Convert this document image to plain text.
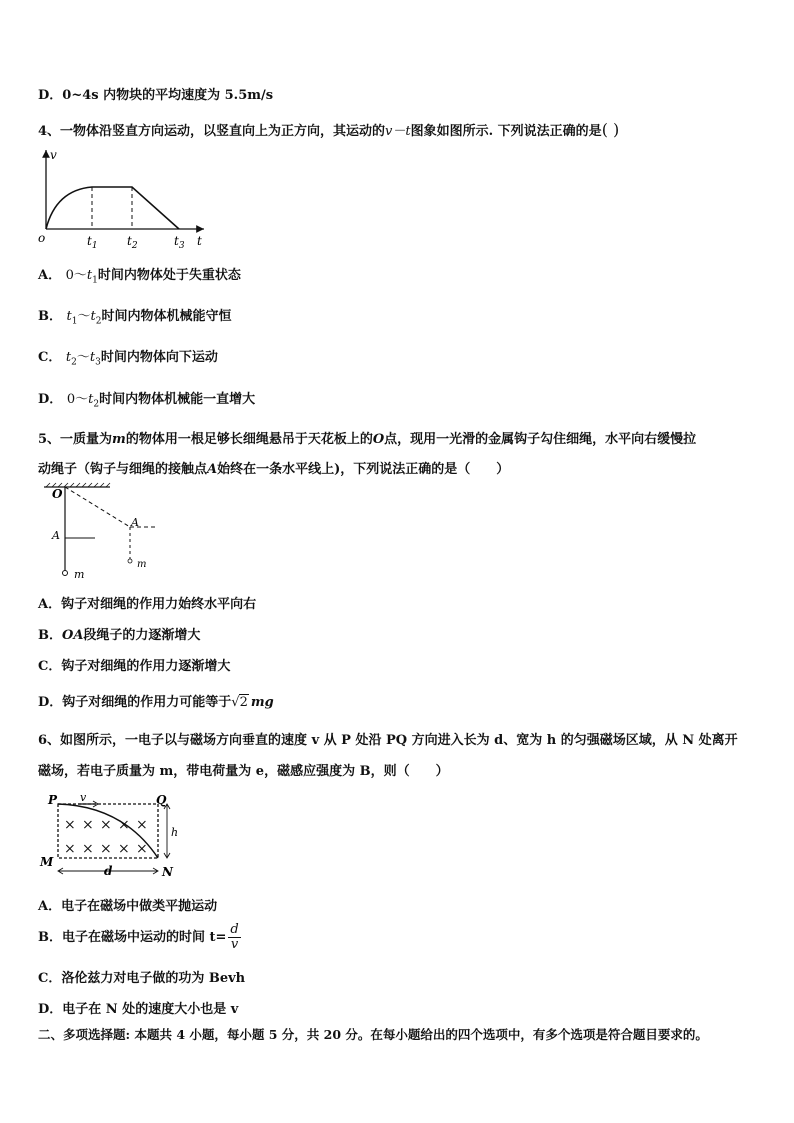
D．0~4s 内物块的平均速度为 5.5m/s
4、一物体沿竖直方向运动，以竖直向上为正方向，其运动的v－t图象如图所示. 下列说法正确的是( )
v
o	t
$t_1$ $t_2$	$t_3$
A． $0\sim t_1$时间内物体处于失重状态
B． $t_1\sim t_2$时间内物体机械能守恒
C． $t_2\sim t_3$时间内物体向下运动
D． $0\sim t_2$时间内物体机械能一直增大
5、一质量为m的物体用一根足够长细绳悬吊于天花板上的O点，现用一光滑的金属钩子勾住细绳，水平向右缓慢拉
动绳子（钩子与细绳的接触点A始终在一条水平线上)，下列说法正确的是（　　）
O
A
A
m
m
A．钩子对细绳的作用力始终水平向右
B．OA段绳子的力逐渐增大
C．钩子对细绳的作用力逐渐增大
D．钩子对细绳的作用力可能等于√2 mg
6、如图所示，一电子以与磁场方向垂直的速度 v 从 P 处沿 PQ 方向进入长为 d、宽为 h 的匀强磁场区域，从 N 处离开
磁场，若电子质量为 m，带电荷量为 e，磁感应强度为 B，则（　　）
× × × × ×
× × × × ×
P v	Q
h
M
N
d
A．电子在磁场中做类平抛运动
B．电子在磁场中运动的时间 $t= \frac{d}{v}$
C．洛伦兹力对电子做的功为 Bevh
D．电子在 N 处的速度大小也是 v
二、多项选择题: 本题共 4 小题，每小题 5 分，共 20 分。在每小题给出的四个选项中，有多个选项是符合题目要求的。
